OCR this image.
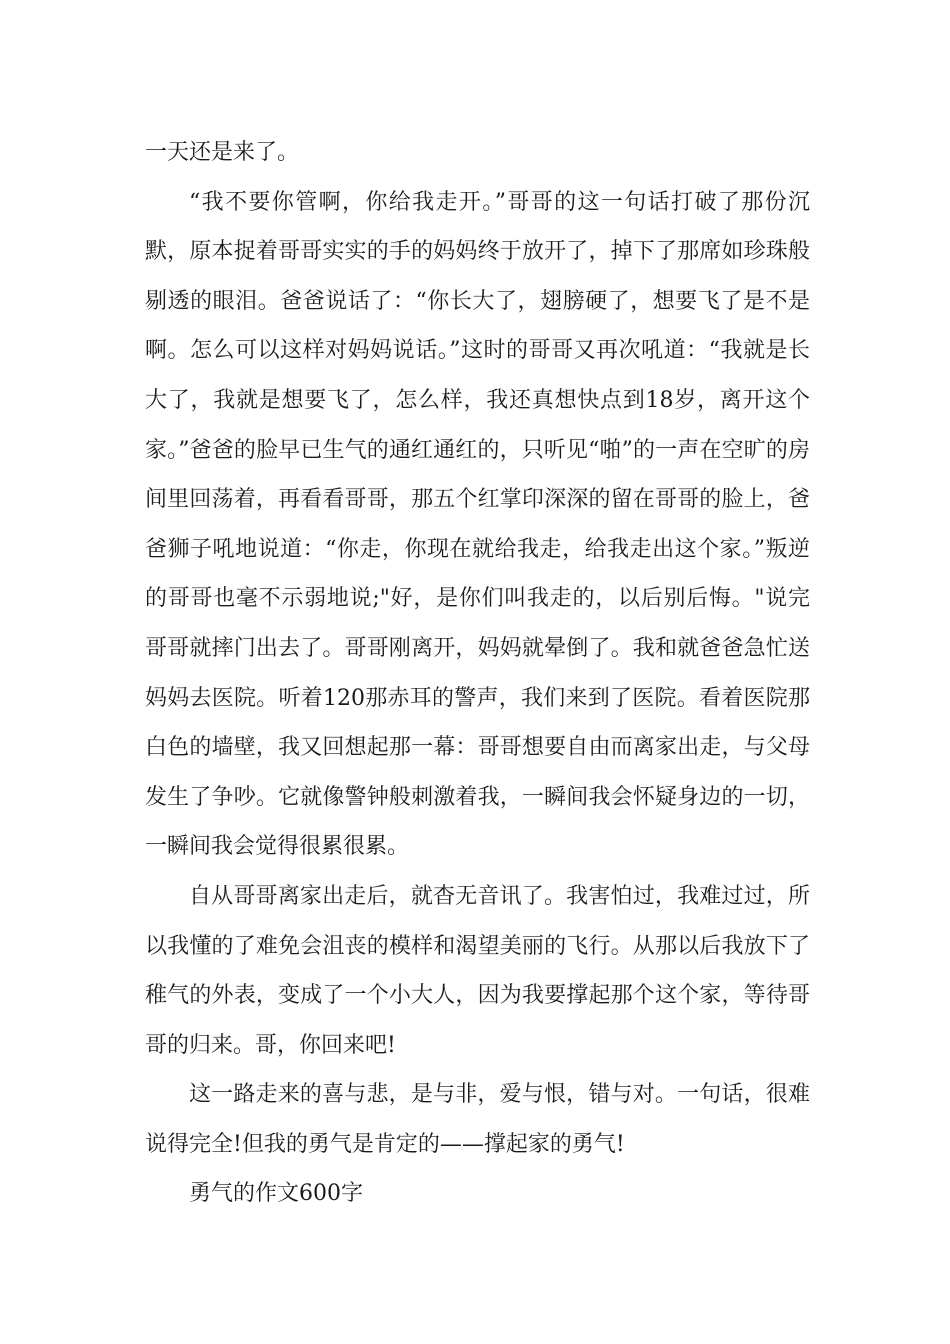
一天还是来了。

“我不要你管啊，你给我走开。”哥哥的这一句话打破了那份沉默，原本捉着哥哥实实的手的妈妈终于放开了，掉下了那席如珍珠般剔透的眼泪。爸爸说话了：“你长大了，翅膀硬了，想要飞了是不是啊。怎么可以这样对妈妈说话。”这时的哥哥又再次吼道：“我就是长大了，我就是想要飞了，怎么样，我还真想快点到18岁，离开这个家。”爸爸的脸早已生气的通红通红的，只听见“啪”的一声在空旷的房间里回荡着，再看看哥哥，那五个红掌印深深的留在哥哥的脸上，爸爸狮子吼地说道：“你走，你现在就给我走，给我走出这个家。”叛逆的哥哥也毫不示弱地说;"好，是你们叫我走的，以后别后悔。"说完哥哥就摔门出去了。哥哥刚离开，妈妈就晕倒了。我和就爸爸急忙送妈妈去医院。听着120那赤耳的警声，我们来到了医院。看着医院那白色的墙壁，我又回想起那一幕：哥哥想要自由而离家出走，与父母发生了争吵。它就像警钟般刺激着我，一瞬间我会怀疑身边的一切，一瞬间我会觉得很累很累。

自从哥哥离家出走后，就杳无音讯了。我害怕过，我难过过，所以我懂的了难免会沮丧的模样和渴望美丽的飞行。从那以后我放下了稚气的外表，变成了一个小大人，因为我要撑起那个这个家，等待哥哥的归来。哥，你回来吧!

这一路走来的喜与悲，是与非，爱与恨，错与对。一句话，很难说得完全!但我的勇气是肯定的——撑起家的勇气!

勇气的作文600字
